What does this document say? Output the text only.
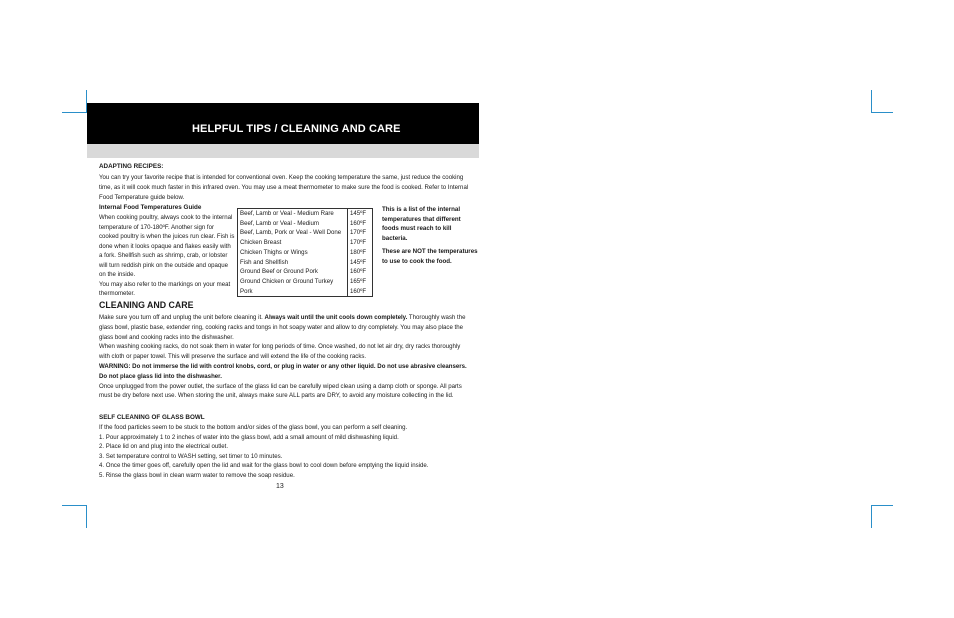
HELPFUL TIPS / CLEANING AND CARE
ADAPTING RECIPES:
You can try your favorite recipe that is intended for conventional oven. Keep the cooking temperature the same, just reduce the cooking time, as it will cook much faster in this infrared oven. You may use a meat thermometer to make sure the food is cooked. Refer to Internal Food Temperature guide below.
Internal Food Temperatures Guide

When cooking poultry, always cook to the internal temperature of 170-180ºF. Another sign for cooked poultry is when the juices run clear. Fish is done when it looks opaque and flakes easily with a fork. Shellfish such as shrimp, crab, or lobster will turn reddish pink on the outside and opaque on the inside.

You may also refer to the markings on your meat thermometer.

Beef, Lamb or Veal - Medium Rare	145ºF
Beef, Lamb or Veal - Medium	160ºF
Beef, Lamb, Pork or Veal - Well Done	170ºF
Chicken Breast	170ºF
Chicken Thighs or Wings	180ºF
Fish and Shellfish	145ºF
Ground Beef or Ground Pork	160ºF
Ground Chicken or Ground Turkey	165ºF
Pork	160ºF

This is a list of the internal temperatures that different foods must reach to kill bacteria.

These are NOT the temperatures to use to cook the food.

CLEANING AND CARE

Make sure you turn off and unplug the unit before cleaning it. Always wait until the unit cools down completely. Thoroughly wash the glass bowl, plastic base, extender ring, cooking racks and tongs in hot soapy water and allow to dry completely. You may also place the glass bowl and cooking racks into the dishwasher.

When washing cooking racks, do not soak them in water for long periods of time. Once washed, do not let air dry, dry racks thoroughly with cloth or paper towel. This will preserve the surface and will extend the life of the cooking racks.

WARNING: Do not immerse the lid with control knobs, cord, or plug in water or any other liquid. Do not use abrasive cleansers. Do not place glass lid into the dishwasher.

Once unplugged from the power outlet, the surface of the glass lid can be carefully wiped clean using a damp cloth or sponge. All parts must be dry before next use. When storing the unit, always make sure ALL parts are DRY, to avoid any moisture collecting in the lid.

SELF CLEANING OF GLASS BOWL

If the food particles seem to be stuck to the bottom and/or sides of the glass bowl, you can perform a self cleaning.

1. Pour approximately 1 to 2 inches of water into the glass bowl, add a small amount of mild dishwashing liquid.

2. Place lid on and plug into the electrical outlet.

3. Set temperature control to WASH setting, set timer to 10 minutes.

4. Once the timer goes off, carefully open the lid and wait for the glass bowl to cool down before emptying the liquid inside.

5. Rinse the glass bowl in clean warm water to remove the soap residue.

13
